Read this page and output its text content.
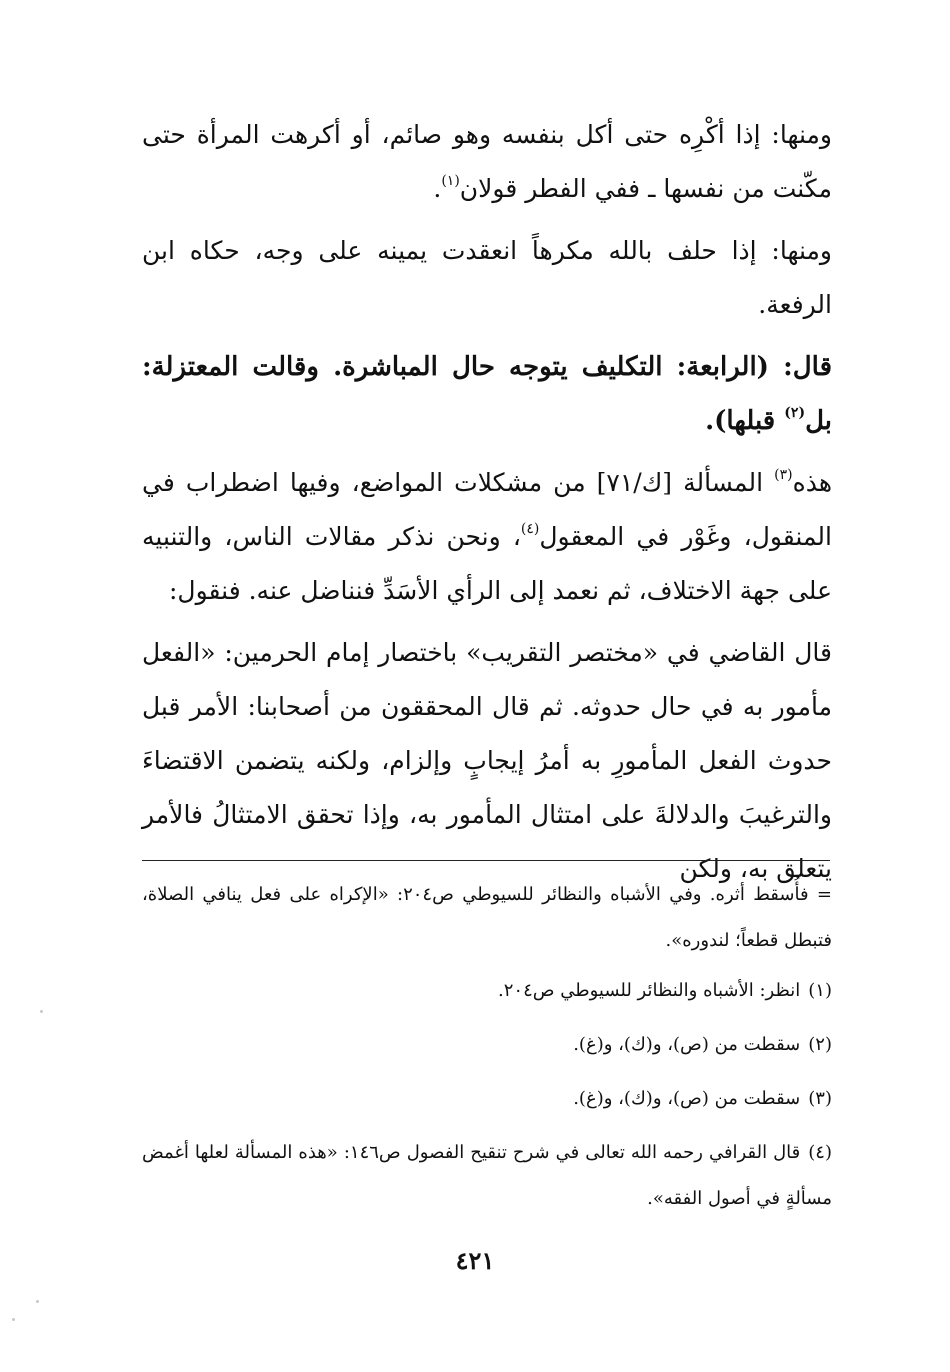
ومنها: إذا أكْرِه حتى أكل بنفسه وهو صائم، أو أكرهت المرأة حتى مكّنت من نفسها ـ ففي الفطر قولان$^{(١)}$.

ومنها: إذا حلف بالله مكرهاً انعقدت يمينه على وجه، حكاه ابن الرفعة.

قال: (الرابعة: التكليف يتوجه حال المباشرة. وقالت المعتزلة: بل$^{(٢)}$ قبلها).

هذه$^{(٣)}$ المسألة [ك/٧١] من مشكلات المواضع، وفيها اضطراب في المنقول، وغَوْر في المعقول$^{(٤)}$، ونحن نذكر مقالات الناس، والتنبيه على جهة الاختلاف، ثم نعمد إلى الرأي الأسَدِّ فنناضل عنه. فنقول:

قال القاضي في «مختصر التقريب» باختصار إمام الحرمين: «الفعل مأمور به في حال حدوثه. ثم قال المحققون من أصحابنا: الأمر قبل حدوث الفعل المأمورِ به أمرُ إيجابٍ وإلزام، ولكنه يتضمن الاقتضاءَ والترغيبَ والدلالةَ على امتثال المأمور به، وإذا تحقق الامتثالُ فالأمر يتعلق به، ولكن

= فأُسقط أثره. وفي الأشباه والنظائر للسيوطي ص٢٠٤: «الإكراه على فعل ينافي الصلاة، فتبطل قطعاً؛ لندوره».

(١)انظر: الأشباه والنظائر للسيوطي ص٢٠٤.

(٢)سقطت من (ص)، و(ك)، و(غ).

(٣)سقطت من (ص)، و(ك)، و(غ).

(٤)قال القرافي رحمه الله تعالى في شرح تنقيح الفصول ص١٤٦: «هذه المسألة لعلها أغمض مسألةٍ في أصول الفقه».

٤٢١
